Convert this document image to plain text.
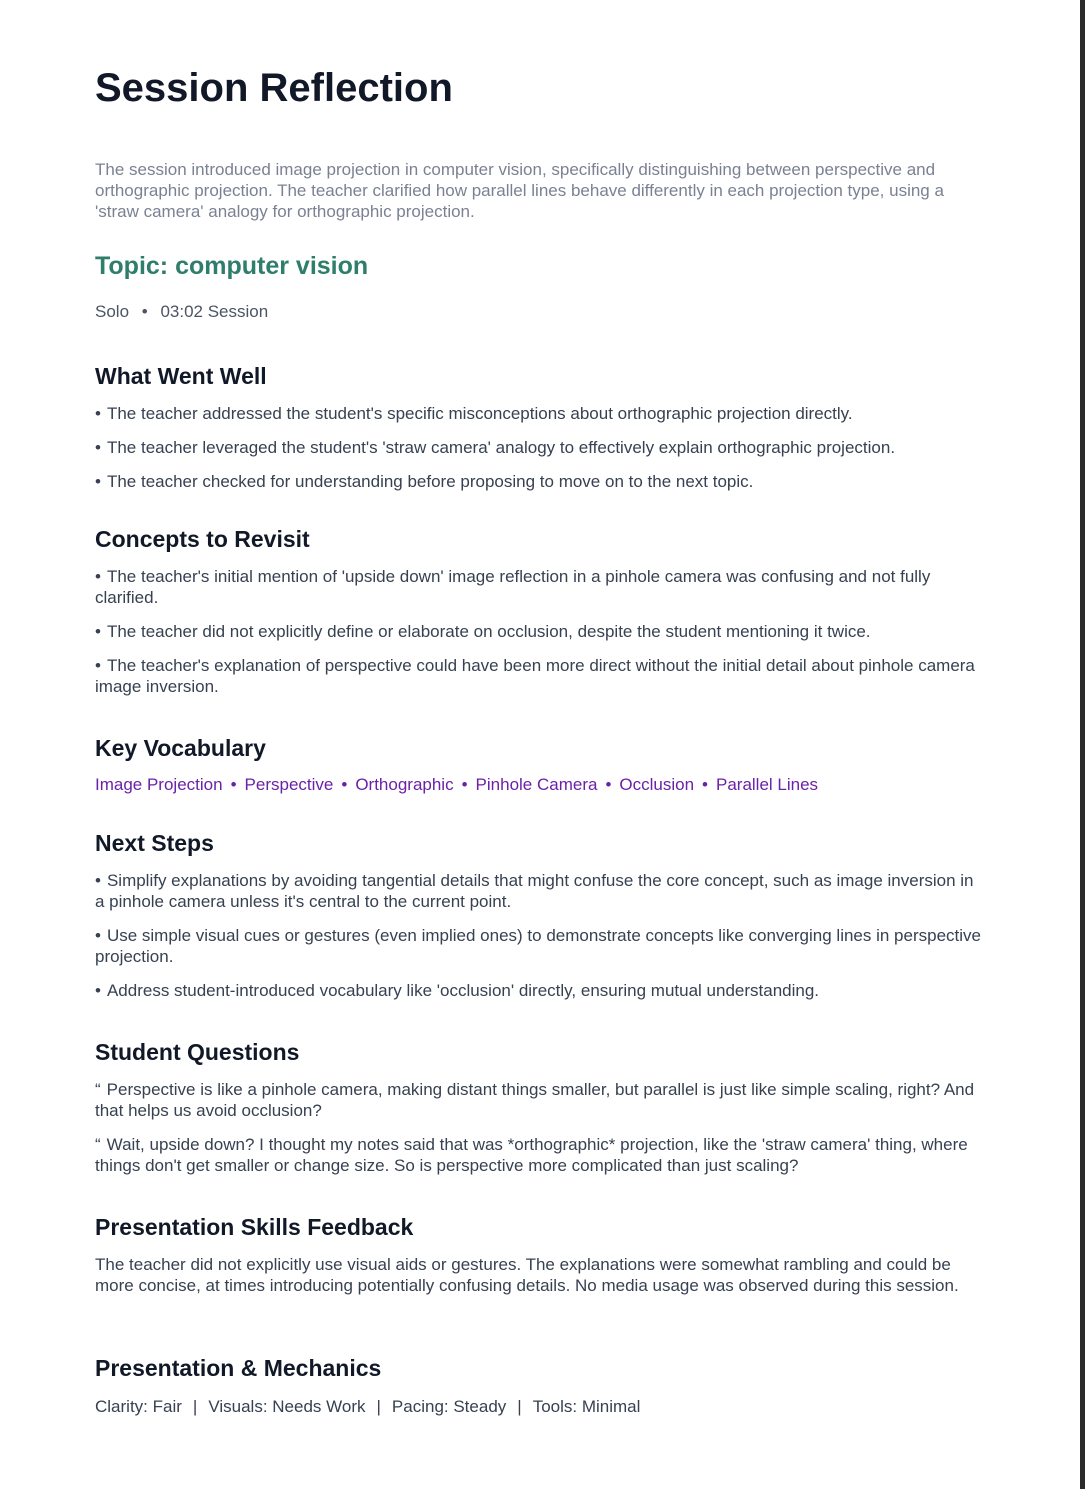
Session Reflection

The session introduced image projection in computer vision, specifically distinguishing between perspective and orthographic projection. The teacher clarified how parallel lines behave differently in each projection type, using a 'straw camera' analogy for orthographic projection.

Topic: computer vision
Solo • 03:02 Session
What Went Well

• The teacher addressed the student's specific misconceptions about orthographic projection directly.

• The teacher leveraged the student's 'straw camera' analogy to effectively explain orthographic projection.

• The teacher checked for understanding before proposing to move on to the next topic.

Concepts to Revisit

• The teacher's initial mention of 'upside down' image reflection in a pinhole camera was confusing and not fully clarified.

• The teacher did not explicitly define or elaborate on occlusion, despite the student mentioning it twice.

• The teacher's explanation of perspective could have been more direct without the initial detail about pinhole camera image inversion.

Key Vocabulary
Image Projection • Perspective • Orthographic • Pinhole Camera • Occlusion • Parallel Lines
Next Steps

• Simplify explanations by avoiding tangential details that might confuse the core concept, such as image inversion in a pinhole camera unless it's central to the current point.

• Use simple visual cues or gestures (even implied ones) to demonstrate concepts like converging lines in perspective projection.

• Address student-introduced vocabulary like 'occlusion' directly, ensuring mutual understanding.

Student Questions

“ Perspective is like a pinhole camera, making distant things smaller, but parallel is just like simple scaling, right? And that helps us avoid occlusion?

“ Wait, upside down? I thought my notes said that was *orthographic* projection, like the 'straw camera' thing, where things don't get smaller or change size. So is perspective more complicated than just scaling?

Presentation Skills Feedback
The teacher did not explicitly use visual aids or gestures. The explanations were somewhat rambling and could be more concise, at times introducing potentially confusing details. No media usage was observed during this session.
Presentation & Mechanics
Clarity: Fair | Visuals: Needs Work | Pacing: Steady | Tools: Minimal
